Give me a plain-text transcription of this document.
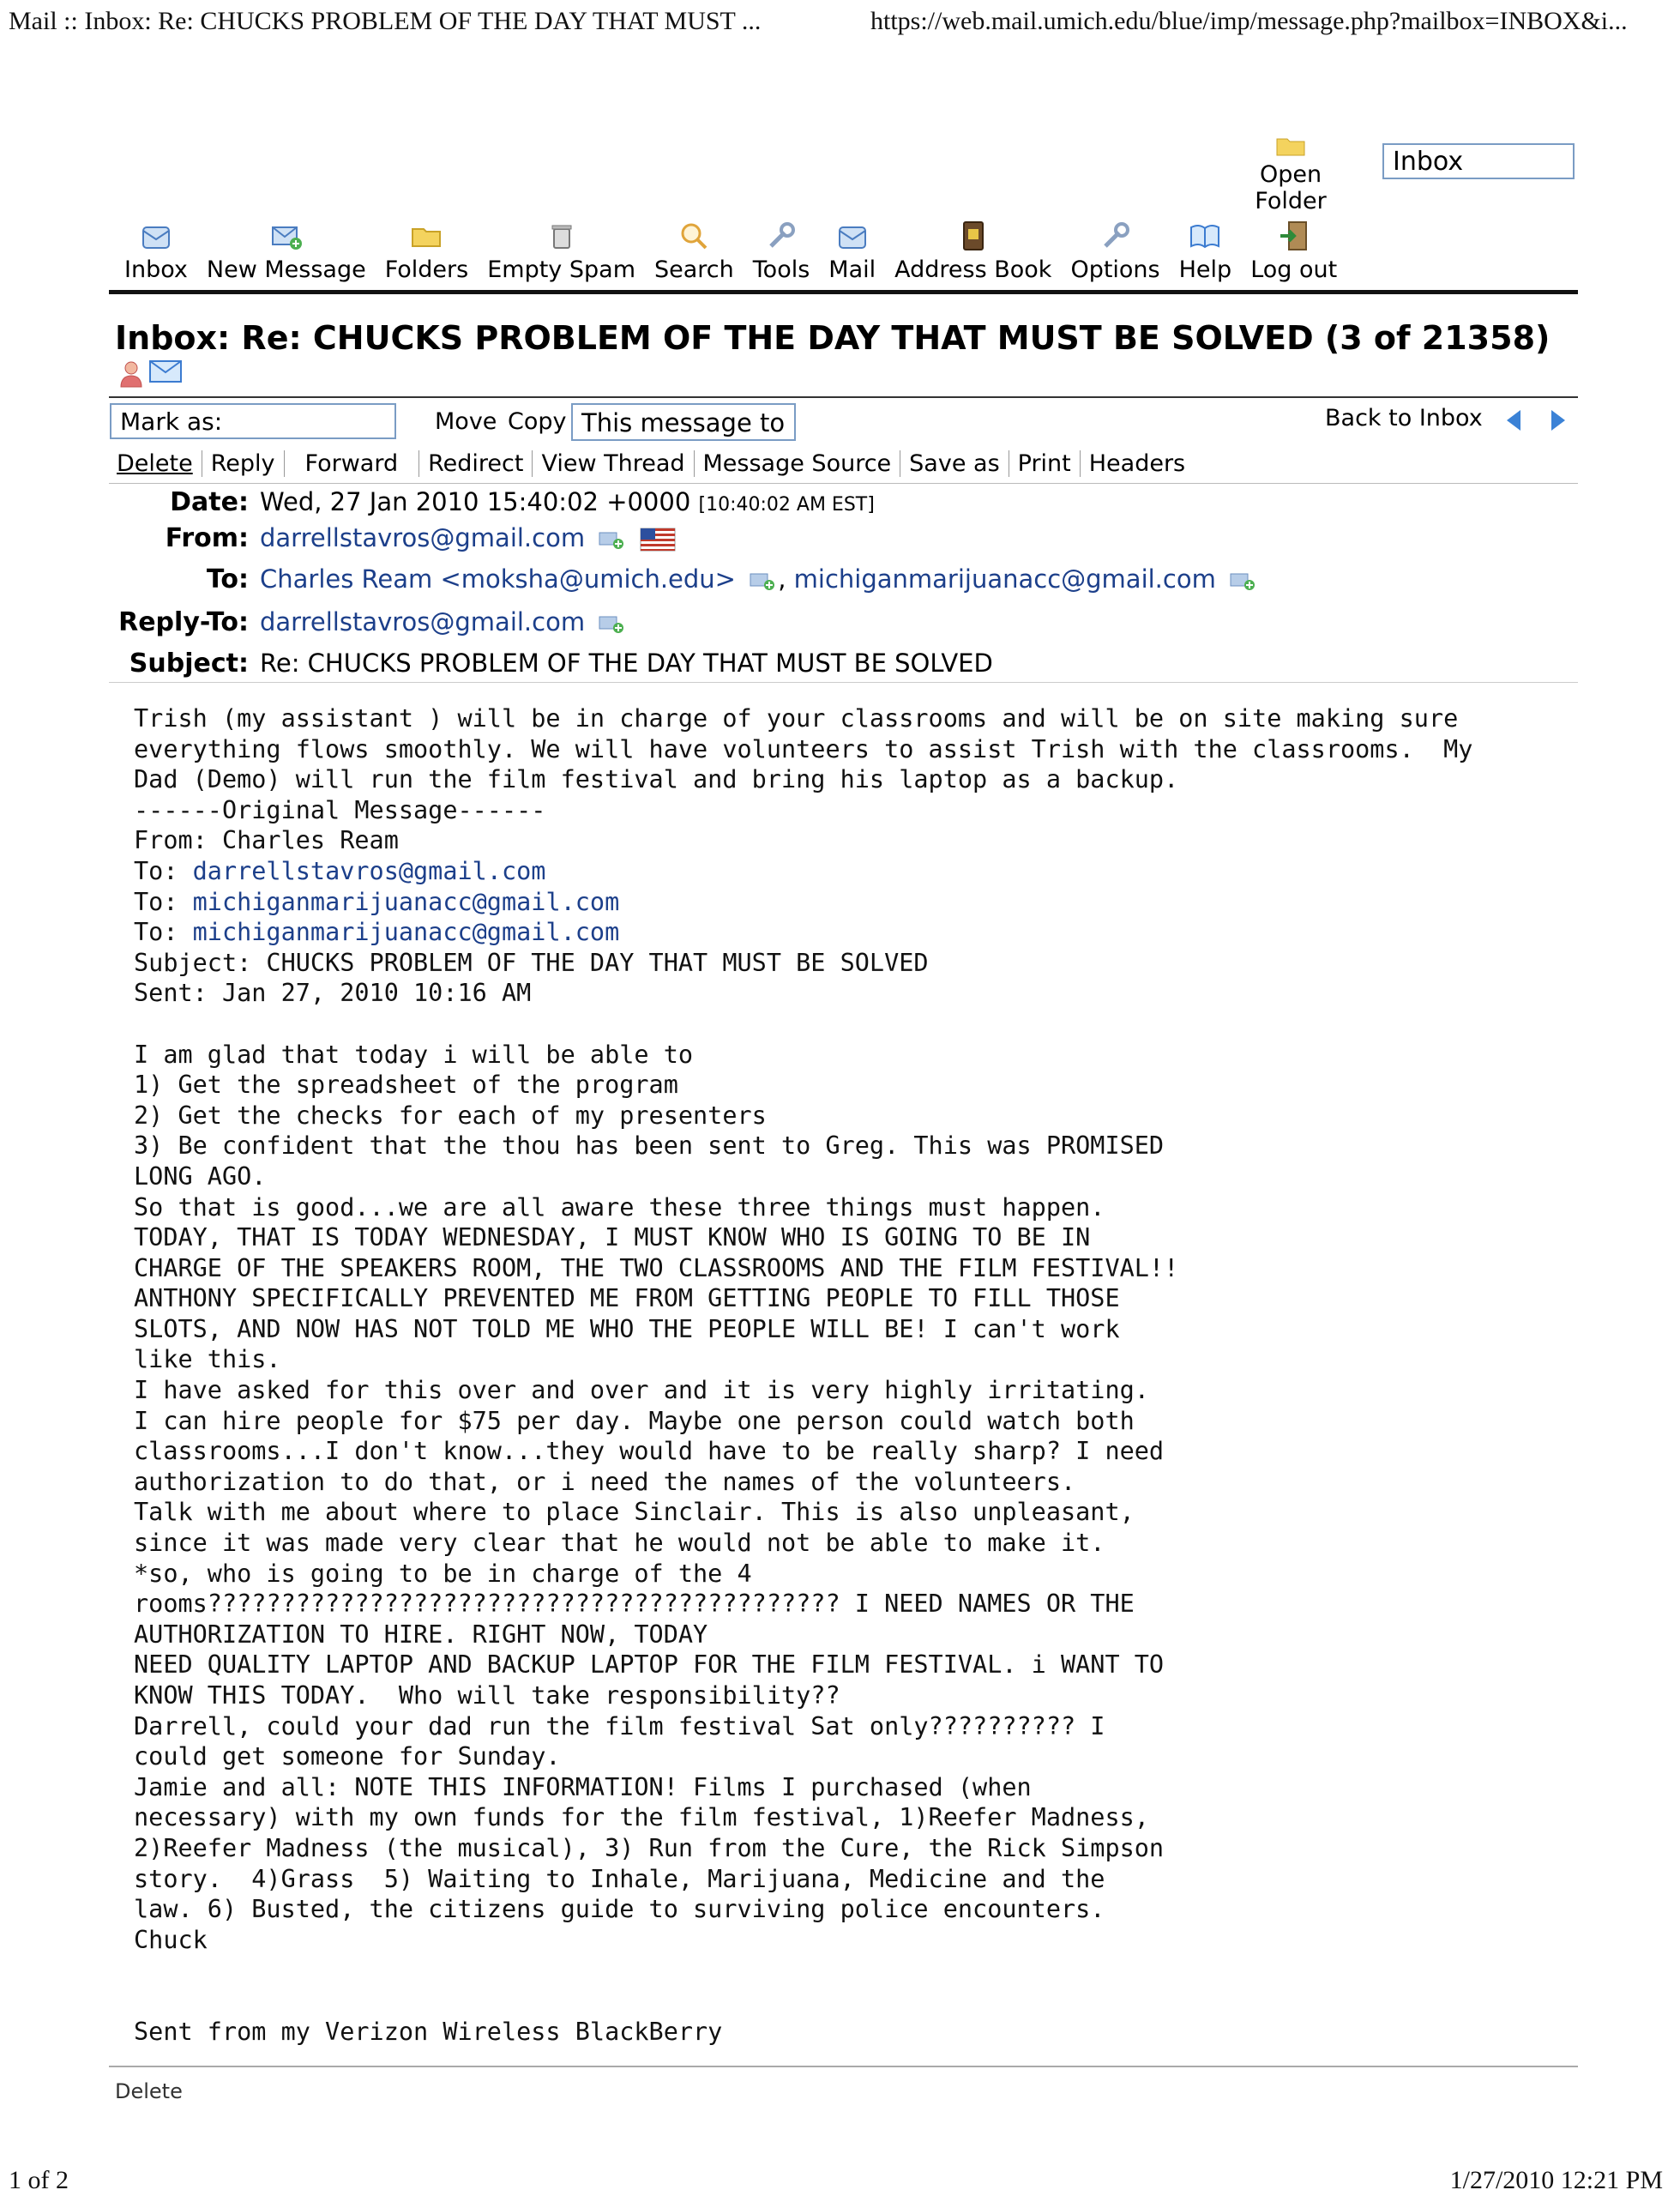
Mail :: Inbox: Re: CHUCKS PROBLEM OF THE DAY THAT MUST ...	https://web.mail.umich.edu/blue/imp/message.php?mailbox=INBOX&i...
Open Folder
Inbox
Inbox New Message Folders Empty Spam Search Tools Mail Address Book Options Help Log out
Inbox: Re: CHUCKS PROBLEM OF THE DAY THAT MUST BE SOLVED (3 of 21358)
Mark as:	Move Copy This message to	Back to Inbox
Delete Reply	Forward	Redirect View Thread Message Source Save as Print Headers
Date: Wed, 27 Jan 2010 15:40:02 +0000 [10:40:02 AM EST]
From: darrellstavros@gmail.com
To: Charles Ream <moksha@umich.edu> , michiganmarijuanacc@gmail.com
Reply-To: darrellstavros@gmail.com
Subject: Re: CHUCKS PROBLEM OF THE DAY THAT MUST BE SOLVED
Trish (my assistant ) will be in charge of your classrooms and will be on site making sure
everything flows smoothly. We will have volunteers to assist Trish with the classrooms.  My
Dad (Demo) will run the film festival and bring his laptop as a backup.
------Original Message------
From: Charles Ream
To: darrellstavros@gmail.com
To: michiganmarijuanacc@gmail.com
To: michiganmarijuanacc@gmail.com
Subject: CHUCKS PROBLEM OF THE DAY THAT MUST BE SOLVED
Sent: Jan 27, 2010 10:16 AM

I am glad that today i will be able to
1) Get the spreadsheet of the program
2) Get the checks for each of my presenters
3) Be confident that the thou has been sent to Greg. This was PROMISED
LONG AGO.
So that is good...we are all aware these three things must happen.
TODAY, THAT IS TODAY WEDNESDAY, I MUST KNOW WHO IS GOING TO BE IN
CHARGE OF THE SPEAKERS ROOM, THE TWO CLASSROOMS AND THE FILM FESTIVAL!!
ANTHONY SPECIFICALLY PREVENTED ME FROM GETTING PEOPLE TO FILL THOSE
SLOTS, AND NOW HAS NOT TOLD ME WHO THE PEOPLE WILL BE! I can't work
like this.
I have asked for this over and over and it is very highly irritating.
I can hire people for $75 per day. Maybe one person could watch both
classrooms...I don't know...they would have to be really sharp? I need
authorization to do that, or i need the names of the volunteers.
Talk with me about where to place Sinclair. This is also unpleasant,
since it was made very clear that he would not be able to make it.
*so, who is going to be in charge of the 4
rooms??????????????????????????????????????????? I NEED NAMES OR THE
AUTHORIZATION TO HIRE. RIGHT NOW, TODAY
NEED QUALITY LAPTOP AND BACKUP LAPTOP FOR THE FILM FESTIVAL. i WANT TO
KNOW THIS TODAY.  Who will take responsibility??
Darrell, could your dad run the film festival Sat only?????????? I
could get someone for Sunday.
Jamie and all: NOTE THIS INFORMATION! Films I purchased (when
necessary) with my own funds for the film festival, 1)Reefer Madness,
2)Reefer Madness (the musical), 3) Run from the Cure, the Rick Simpson
story.  4)Grass  5) Waiting to Inhale, Marijuana, Medicine and the
law. 6) Busted, the citizens guide to surviving police encounters.
Chuck

Sent from my Verizon Wireless BlackBerry
Delete
1 of 2	1/27/2010 12:21 PM
